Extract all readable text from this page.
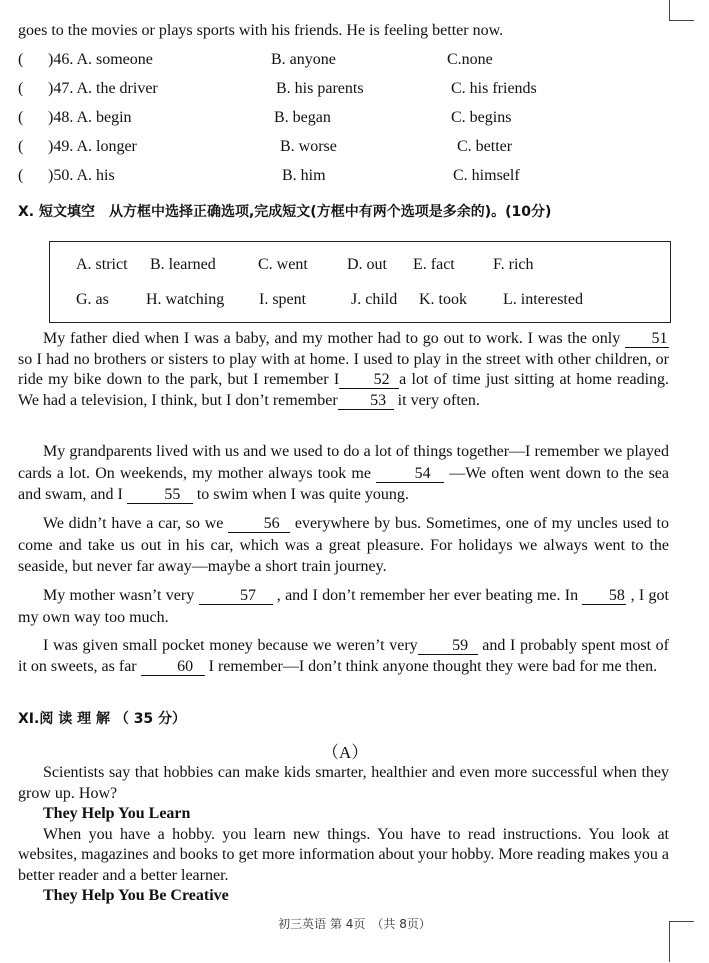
goes to the movies or plays sports with his friends. He is feeling better now.
( )46. A. someone	B. anyone	C.none
( )47. A. the driver	B. his parents	C. his friends
( )48. A. begin	B. began	C. begins
( )49. A. longer	B. worse	C. better
( )50. A. his	B. him	C. himself
X. 短文填空　从方框中选择正确选项,完成短文(方框中有两个选项是多余的)。(10分)
A. strict B. learned	C. went D. out E. fact F. rich
G. as H. watching I. spent	J. child K. took L. interested

My father died when I was a baby, and my mother had to go out to work. I was the only 51 so I had no brothers or sisters to play with at home. I used to play in the street with other children, or ride my bike down to the park, but I remember I 52 a lot of time just sitting at home reading. We had a television, I think, but I don’t remember 53 it very often.

My grandparents lived with us and we used to do a lot of things together—I remember we played cards a lot. On weekends, my mother always took me 54 —We often went down to the sea and swam, and I 55 to swim when I was quite young.

We didn’t have a car, so we 56 everywhere by bus. Sometimes, one of my uncles used to come and take us out in his car, which was a great pleasure. For holidays we always went to the seaside, but never far away—maybe a short train journey.

My mother wasn’t very	57 , and I don’t remember her ever beating me. In 58 , I got my own way too much.

I was given small pocket money because we weren’t very 59 and I probably spent most of it on sweets, as far 60 I remember—I don’t think anyone thought they were bad for me then.

XI.阅 读 理 解 （ 35 分）
（A）

Scientists say that hobbies can make kids smarter, healthier and even more successful when they grow up. How?

They Help You Learn

When you have a hobby. you learn new things. You have to read instructions. You look at websites, magazines and books to get more information about your hobby. More reading makes you a better reader and a better learner.

They Help You Be Creative

初三英语 第 4页　（共 8页）
